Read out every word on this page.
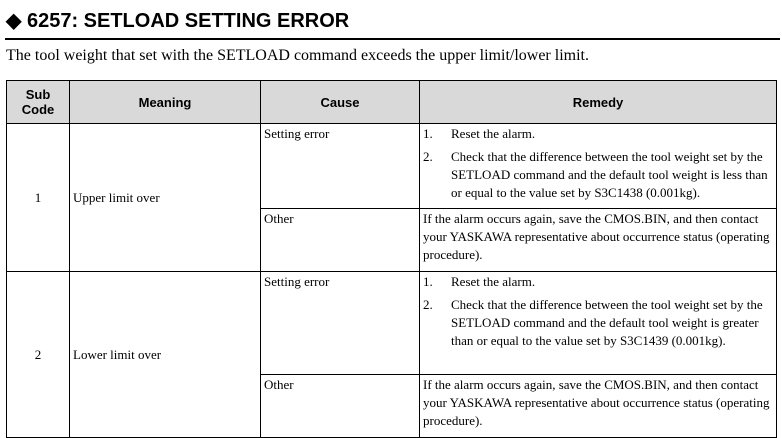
◆ 6257: SETLOAD SETTING ERROR
The tool weight that set with the SETLOAD command exceeds the upper limit/lower limit.
Sub
Code	Meaning	Cause	Remedy
1	Upper limit over	Setting error	1. Reset the alarm.
2. Check that the difference between the tool weight set by the SETLOAD command and the default tool weight is less than or equal to the value set by S3C1438 (0.001kg).

		Other	If the alarm occurs again, save the CMOS.BIN, and then contact your YASKAWA representative about occurrence status (operating procedure).
2	Lower limit over	Setting error	1. Reset the alarm.
2. Check that the difference between the tool weight set by the SETLOAD command and the default tool weight is greater than or equal to the value set by S3C1439 (0.001kg).

		Other	If the alarm occurs again, save the CMOS.BIN, and then contact your YASKAWA representative about occurrence status (operating procedure).
